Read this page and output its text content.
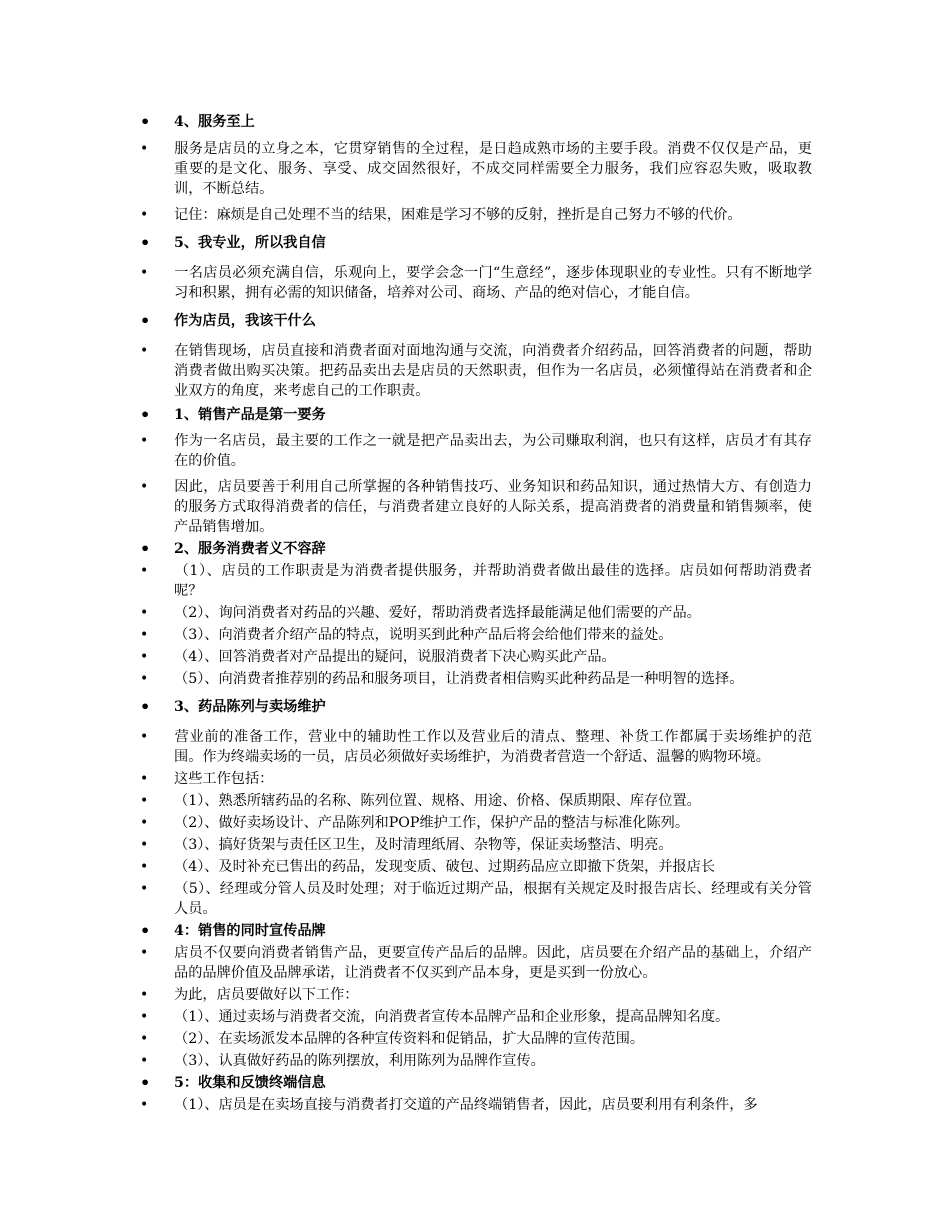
• 4、服务至上
• 服务是店员的立身之本，它贯穿销售的全过程，是日趋成熟市场的主要手段。消费不仅仅是产品，更重要的是文化、服务、享受、成交固然很好，不成交同样需要全力服务，我们应容忍失败，吸取教训，不断总结。
• 记住：麻烦是自己处理不当的结果，困难是学习不够的反射，挫折是自己努力不够的代价。
• 5、我专业，所以我自信
• 一名店员必须充满自信，乐观向上，要学会念一门“生意经”，逐步体现职业的专业性。只有不断地学习和积累，拥有必需的知识储备，培养对公司、商场、产品的绝对信心，才能自信。
• 作为店员，我该干什么
• 在销售现场，店员直接和消费者面对面地沟通与交流，向消费者介绍药品，回答消费者的问题，帮助消费者做出购买决策。把药品卖出去是店员的天然职责，但作为一名店员，必须懂得站在消费者和企业双方的角度，来考虑自己的工作职责。
• 1、销售产品是第一要务
• 作为一名店员，最主要的工作之一就是把产品卖出去，为公司赚取利润，也只有这样，店员才有其存在的价值。
• 因此，店员要善于利用自己所掌握的各种销售技巧、业务知识和药品知识，通过热情大方、有创造力的服务方式取得消费者的信任，与消费者建立良好的人际关系，提高消费者的消费量和销售频率，使产品销售增加。
• 2、服务消费者义不容辞
• （1）、店员的工作职责是为消费者提供服务，并帮助消费者做出最佳的选择。店员如何帮助消费者呢？
• （2）、询问消费者对药品的兴趣、爱好，帮助消费者选择最能满足他们需要的产品。
• （3）、向消费者介绍产品的特点，说明买到此种产品后将会给他们带来的益处。
• （4）、回答消费者对产品提出的疑问，说服消费者下决心购买此产品。
• （5）、向消费者推荐别的药品和服务项目，让消费者相信购买此种药品是一种明智的选择。
• 3、药品陈列与卖场维护
• 营业前的准备工作，营业中的辅助性工作以及营业后的清点、整理、补货工作都属于卖场维护的范围。作为终端卖场的一员，店员必须做好卖场维护，为消费者营造一个舒适、温馨的购物环境。
• 这些工作包括：
• （1）、熟悉所辖药品的名称、陈列位置、规格、用途、价格、保质期限、库存位置。
• （2）、做好卖场设计、产品陈列和POP维护工作，保护产品的整洁与标准化陈列。
• （3）、搞好货架与责任区卫生，及时清理纸屑、杂物等，保证卖场整洁、明亮。
• （4）、及时补充已售出的药品，发现变质、破包、过期药品应立即撤下货架，并报店长
• （5）、经理或分管人员及时处理；对于临近过期产品，根据有关规定及时报告店长、经理或有关分管人员。
• 4：销售的同时宣传品牌
• 店员不仅要向消费者销售产品，更要宣传产品后的品牌。因此，店员要在介绍产品的基础上，介绍产品的品牌价值及品牌承诺，让消费者不仅买到产品本身，更是买到一份放心。
• 为此，店员要做好以下工作：
• （1）、通过卖场与消费者交流，向消费者宣传本品牌产品和企业形象，提高品牌知名度。
• （2）、在卖场派发本品牌的各种宣传资料和促销品，扩大品牌的宣传范围。
• （3）、认真做好药品的陈列摆放，利用陈列为品牌作宣传。
• 5：收集和反馈终端信息
• （1）、店员是在卖场直接与消费者打交道的产品终端销售者，因此，店员要利用有利条件，多
